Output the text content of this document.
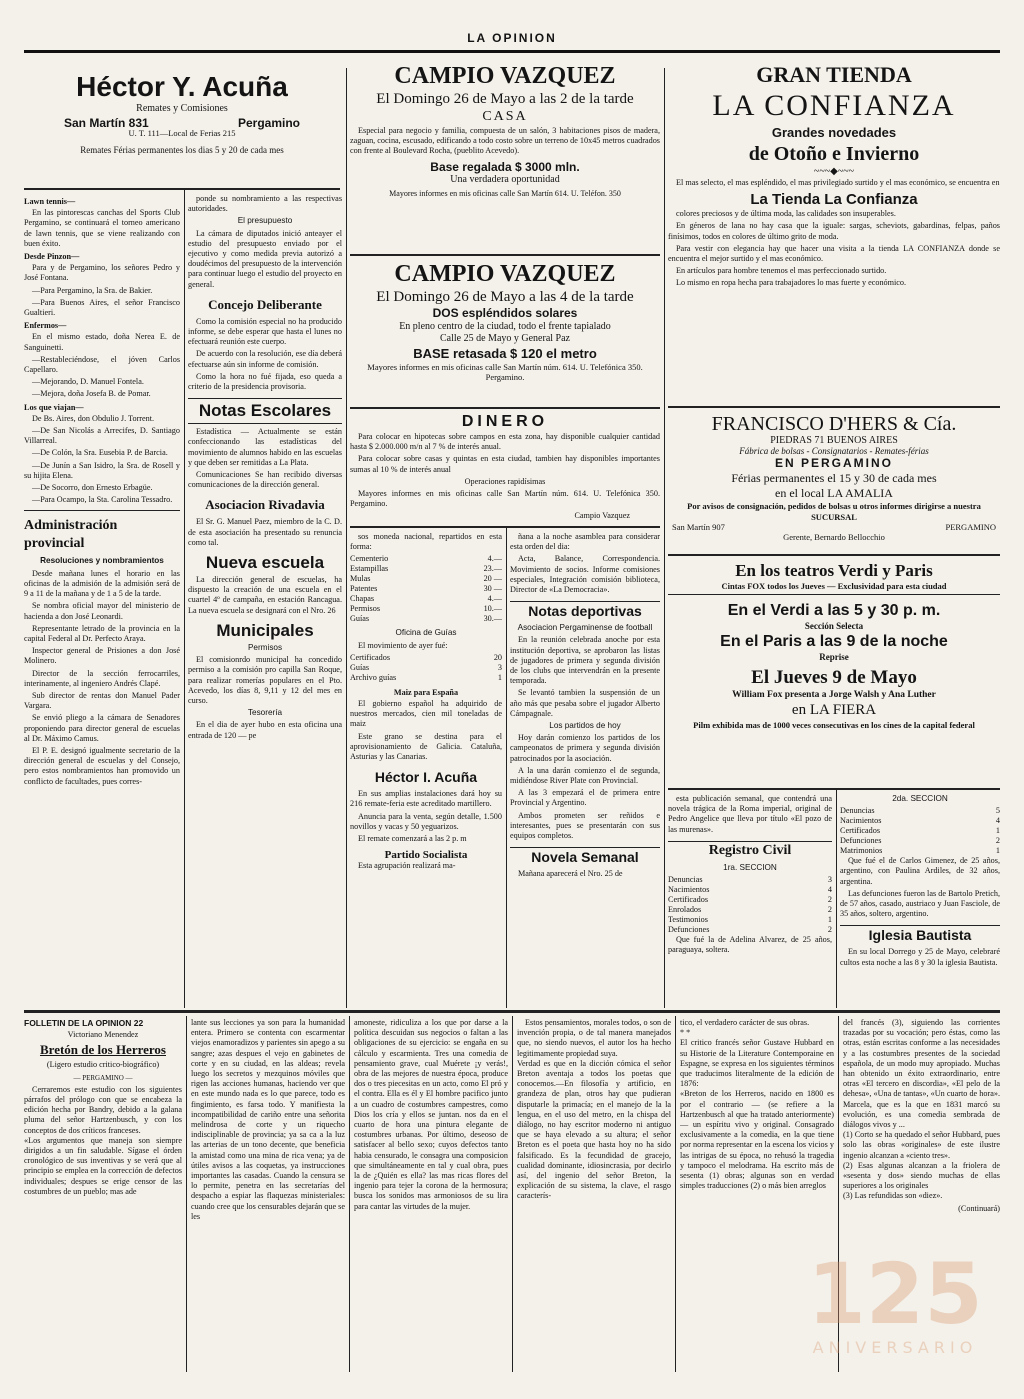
LA OPINION
Héctor Y. Acuña
Remates y Comisiones
San Martín 831	Pergamino
U. T. 111—Local de Ferias 215
Remates Férias permanentes los dias 5 y 20 de cada mes

Lawn tennis—

En las pintorescas canchas del Sports Club Pergamino, se continuará el torneo americano de lawn tennis, que se viene realizando con buen éxito.

Desde Pinzon—

Para y de Pergamino, los señores Pedro y José Fontana.

—Para Pergamino, la Sra. de Bakier.

—Para Buenos Aires, el señor Francisco Gualtieri.

Enfermos—

En el mismo estado, doña Nerea E. de Sanguinetti.

—Restableciéndose, el jóven Carlos Capellaro.

—Mejorando, D. Manuel Fontela.

—Mejora, doña Josefa B. de Pomar.

Los que viajan—

De Bs. Aires, don Obdulio J. Torrent.

—De San Nicolás a Arrecifes, D. Santiago Villarreal.

—De Colón, la Sra. Eusebia P. de Barcia.

—De Junín a San Isidro, la Sra. de Rosell y su hijita Elena.

—De Socorro, don Ernesto Erbagüe.

—Para Ocampo, la Sta. Carolina Tessadro.

Administración provincial

Resoluciones y nombramientos

Desde mañana lunes el horario en las oficinas de la admisión de la admisión será de 9 a 11 de la mañana y de 1 a 5 de la tarde.

Se nombra oficial mayor del ministerio de hacienda a don José Leonardi.

Representante letrado de la provincia en la capital Federal al Dr. Perfecto Araya.

Inspector general de Prisiones a don José Molinero.

Director de la sección ferrocarriles, interinamente, al ingeniero Andrés Clapé.

Sub director de rentas don Manuel Pader Vargara.

Se envió pliego a la cámara de Senadores proponiendo para director general de escuelas al Dr. Máximo Camus.

El P. E. designó igualmente secretario de la dirección general de escuelas y del Consejo, pero estos nombramientos han promovido un conflicto de facultades, pues corres-

ponde su nombramiento a las respectivas autoridades.

El presupuesto

La cámara de diputados inició anteayer el estudio del presupuesto enviado por el ejecutivo y como medida previa autorizó a doudécimos del presupuesto de la intervención para continuar luego el estudio del proyecto en general.

Concejo Deliberante

Como la comisión especial no ha producido informe, se debe esperar que hasta el lunes no efectuará reunión este cuerpo.

De acuerdo con la resolución, ese día deberá efectuarse aún sin informe de comisión.

Como la hora no fué fijada, eso queda a criterio de la presidencia provisoria.

Notas Escolares

Estadística — Actualmente se están confeccionando las estadísticas del movimiento de alumnos habido en las escuelas y que deben ser remitidas a La Plata.

Comunicaciones Se han recibido diversas comunicaciones de la dirección general.

Asociacion Rivadavia

El Sr. G. Manuel Paez, miembro de la C. D. de esta asociación ha presentado su renuncia como tal.

Nueva escuela

La dirección general de escuelas, ha dispuesto la creación de una escuela en el cuartel 4º de campaña, en estación Rancagua. La nueva escuela se designará con el Nro. 26

Municipales

Permisos

El comisionrdo municipal ha concedido permiso a la comisión pro capilla San Roque, para realizar romerías populares en el Pto. Acevedo, los días 8, 9,11 y 12 del mes en curso.

Tesorería

En el dia de ayer hubo en esta oficina una entrada de 120 — pe

CAMPIO VAZQUEZ
El Domingo 26 de Mayo a las 2 de la tarde
CASA

Especial para negocio y familia, compuesta de un salón, 3 habitaciones pisos de madera, zaguan, cocina, escusado, edificando a todo costo sobre un terreno de 10x45 metros cuadrados con frente al Boulevard Rocha, (pueblito Acevedo).

Base regalada $ 3000 mln.
Una verdadera oportunidad
Mayores informes en mis oficinas calle San Martín 614. U. Teléfon. 350
CAMPIO VAZQUEZ
El Domingo 26 de Mayo a las 4 de la tarde
DOS espléndidos solares
En pleno centro de la ciudad, todo el frente tapialado
Calle 25 de Mayo y General Paz
BASE retasada $ 120 el metro
Mayores informes en mis oficinas calle San Martín núm. 614. U. Telefónica 350. Pergamino.
DINERO

Para colocar en hipotecas sobre campos en esta zona, hay disponible cualquier cantidad hasta $ 2.000.000 m/n al 7 % de interés anual.

Para colocar sobre casas y quintas en esta ciudad, tambien hay disponibles importantes sumas al 10 % de interés anual

Operaciones rapidísimas

Mayores informes en mis oficinas calle San Martín núm. 614. U. Telefónica 350. Pergamino.

Campio Vazquez

sos moneda nacional, repartidos en esta forma:

Cementerio	4.—
Estampillas	23.—
Mulas	20 —
Patentes	30 —
Chapas	4.—
Permisos	10.—
Guías	30.—

Oficina de Guías

El movimiento de ayer fué:

Certificados	20
Guías	3
Archivo guías	1

Maiz para España

El gobierno español ha adquirido de nuestros mercados, cien mil toneladas de maiz

Este grano se destina para el aprovisionamiento de Galicia. Cataluña, Asturias y las Canarias.

Héctor I. Acuña

En sus amplias instalaciones dará hoy su 216 remate-feria este acreditado martillero.

Anuncia para la venta, según detalle, 1.500 novillos y vacas y 50 yeguarizos.

El remate comenzará a las 2 p. m

Partido Socialista

Esta agrupación realizará ma-

ñana a la noche asamblea para considerar esta orden del dia:

Acta, Balance, Correspondencia. Movimiento de socios. Informe comisiones especiales, Integración comisión biblioteca, Director de «La Democracia».

Notas deportivas

Asociacion Pergaminense de football

En la reunión celebrada anoche por esta institución deportiva, se aprobaron las listas de jugadores de primera y segunda división de los clubs que intervendrán en la presente temporada.

Se levantó tambien la suspensión de un año más que pesaba sobre el jugador Alberto Cámpagnale.

Los partidos de hoy

Hoy darán comienzo los partidos de los campeonatos de primera y segunda división patrocinados por la asociación.

A la una darán comienzo el de segunda, midiéndose River Plate con Provincial.

A las 3 empezará el de primera entre Provincial y Argentino.

Ambos prometen ser reñidos e interesantes, pues se presentarán con sus equipos completos.

Novela Semanal

Mañana aparecerá el Nro. 25 de

GRAN TIENDA
LA CONFIANZA
Grandes novedades
de Otoño e Invierno
~~~◆~~~

El mas selecto, el mas espléndido, el mas privilegiado surtido y el mas económico, se encuentra en

La Tienda La Confianza

colores preciosos y de última moda, las calidades son insuperables.

En géneros de lana no hay casa que la iguale: sargas, scheviots, gabardinas, felpas, paños finísimos, todos en colores de último grito de moda.

Para vestir con elegancia hay que hacer una visita a la tienda LA CONFIANZA donde se encuentra el mejor surtido y el mas económico.

En artículos para hombre tenemos el mas perfeccionado surtido.

Lo mismo en ropa hecha para trabajadores lo mas fuerte y económico.

FRANCISCO D'HERS & Cía.
PIEDRAS 71 BUENOS AIRES
Fábrica de bolsas - Consignatarios - Remates-férias
EN PERGAMINO
Férias permanentes el 15 y 30 de cada mes
en el local LA AMALIA
Por avisos de consignación, pedidos de bolsas u otros informes dirigirse a nuestra SUCURSAL
San Martín 907	PERGAMINO
Gerente, Bernardo Bellocchio
En los teatros Verdi y Paris
Cintas FOX todos los Jueves — Exclusividad para esta ciudad
En el Verdi a las 5 y 30 p. m.
Sección Selecta
En el Paris a las 9 de la noche
Reprise
El Jueves 9 de Mayo
William Fox presenta a Jorge Walsh y Ana Luther
en LA FIERA
Pilm exhibida mas de 1000 veces consecutivas en los cines de la capital federal

esta publicación semanal, que contendrá una novela trágica de la Roma imperial, original de Pedro Angelice que lleva por título «El pozo de las murenas».

Registro Civil

1ra. SECCION

Denuncias	3
Nacimientos	4
Certificados	2
Enrolados	2
Testimonios	1
Defunciones	2

Que fué la de Adelina Alvarez, de 25 años, paraguaya, soltera.

2da. SECCION

Denuncias	5
Nacimientos	4
Certificados	1
Defunciones	2
Matrimonios	1

Que fué el de Carlos Gimenez, de 25 años, argentino, con Paulina Ardiles, de 32 años, argentina.

Las defunciones fueron las de Bartolo Pretich, de 57 años, casado, austriaco y Juan Fasciole, de 35 años, soltero, argentino.

Iglesia Bautista

En su local Dorrego y 25 de Mayo, celebraré cultos esta noche a las 8 y 30 la iglesia Bautista.

FOLLETIN DE LA OPINION 22

Victoriano Menendez

Bretón de los Herreros

(Ligero estudio critico-biográfico)

— PERGAMINO —

Cerraremos este estudio con los siguientes párrafos del prólogo con que se encabeza la edición hecha por Bandry, debido a la galana pluma del señor Hartzenbusch, y con los conceptos de dos críticos franceses.
«Los argumentos que maneja son siempre dirigidos a un fin saludable. Sígase el órden cronológico de sus inventivas y se verá que al principio se emplea en la corrección de defectos individuales; despues se erige censor de las costumbres de un pueblo; mas ade

lante sus lecciones ya son para la humanidad entera. Primero se contenta con escarmentar viejos enamoradizos y parientes sin apego a su sangre; azas despues el vejo en gabinetes de corte y en su ciudad, en las aldeas; revela luego los secretos y mezquinos móviles que rigen las acciones humanas, haciendo ver que en este mundo nada es lo que parece, todo es fingimiento, es farsa todo. Y manifiesta la incompatibilidad de cariño entre una señorita melindrosa de corte y un riquecho indisciplinable de provincia; ya sa ca a la luz las arterias de un tono decente, que beneficia la amistad como una mina de rica vena; ya de útiles avisos a las coquetas, ya instrucciones importantes las casadas. Cuando la censura se lo permite, penetra en las secretarías del despacho a espiar las flaquezas ministeriales: cuando cree que los censurables dejarán que se les

amoneste, ridiculiza a los que por darse a la política descuidan sus negocios o faltan a las obligaciones de su ejercicio: se engaña en su cálculo y escarmienta. Tres una comedia de pensamiento grave, cual Muérete ¡y verás!, obra de las mejores de nuestra época, produce dos o tres piecesitas en un acto, como El pró y el contra. Ella es él y El hombre pacifico junto a un cuadro de costumbres campestres, como Dios los cría y ellos se juntan. nos da en el cuarto de hora una pintura elegante de costumbres urbanas. Por último, deseoso de satisfacer al bello sexo; cuyos defectos tanto habia censurado, le consagra una composicion que simultáneamente en tal y cual obra, pues la de ¿Quién es ella? las mas ricas flores del ingenio para tejer la corona de la hermosura; busca los sonidos mas armoniosos de su lira para cantar las virtudes de la mujer.

Estos pensamientos, morales todos, o son de invención propia, o de tal manera manejados que, no siendo nuevos, el autor los ha hecho legitimamente propiedad suya.
Verdad es que en la dicción cómica el señor Breton aventaja a todos los poetas que conocemos.—En filosofía y artificio, en grandeza de plan, otros hay que pudieran disputarle la primacía; en el manejo de la la lengua, en el uso del metro, en la chispa del diálogo, no hay escritor moderno ni antiguo que se haya elevado a su altura; el señor Breton es el poeta que hasta hoy no ha sido falsificado. Es la fecundidad de gracejo, cualidad dominante, idiosincrasia, por decirlo así, del ingenio del señor Breton, la explicación de su sistema, la clave, el rasgo caracterís-

tico, el verdadero carácter de sus obras.
* *
El critico francés señor Gustave Hubbard en su Historie de la Literature Contemporaine en Espagne, se expresa en los siguientes términos que traducimos literalmente de la edición de 1876:
«Breton de los Herreros, nacido en 1800 es por el contrario — (se refiere a la Hartzenbusch al que ha tratado anteriormente) — un espíritu vivo y original. Consagrado exclusivamente a la comedia, en la que tiene por norma representar en la escena los vicios y las intrigas de su época, no rehusó la tragedia y tampoco el melodrama. Ha escrito más de sesenta (1) obras; algunas son en verdad simples traducciones (2) o más bien arreglos

del francés (3), siguiendo las corrientes trazadas por su vocación; pero éstas, como las otras, están escritas conforme a las necesidades y a las costumbres presentes de la sociedad española, de un modo muy apropiado. Muchas han obtenido un éxito extraordinario, entre otras «El tercero en discordia», «El pelo de la dehesa», «Una de tantas», «Un cuarto de hora». Marcela, que es la que en 1831 marcó su evolución, es una comedia sembrada de diálogos vivos y ...
(1) Corto se ha quedado el señor Hubbard, pues solo las obras «originales» de este ilustre ingenio alcanzan a «ciento tres».
(2) Esas algunas alcanzan a la friolera de «sesenta y dos» siendo muchas de ellas superiores a los originales
(3) Las refundidas son «diez».

(Continuará)

125
ANIVERSARIO
